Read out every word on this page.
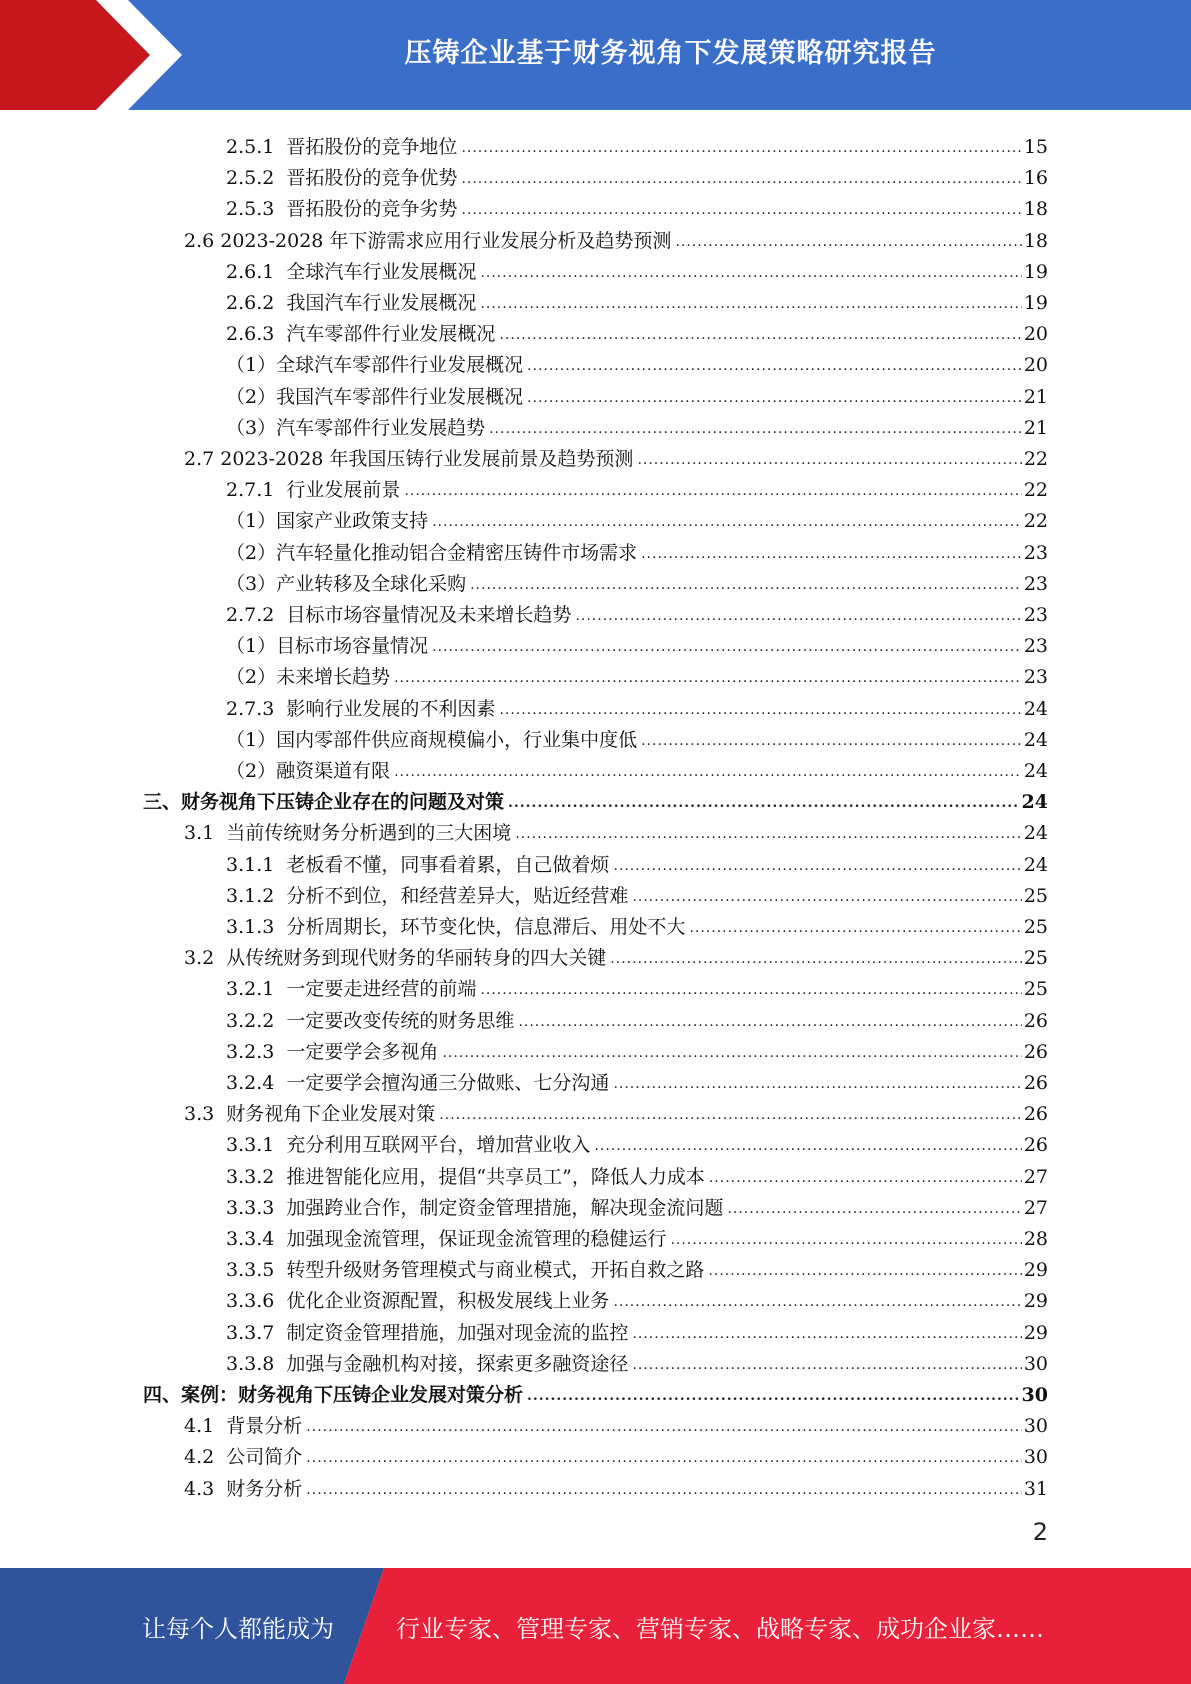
压铸企业基于财务视角下发展策略研究报告
2.5.1  晋拓股份的竞争地位 .....	15
2.5.2  晋拓股份的竞争优势 .....	16
2.5.3  晋拓股份的竞争劣势 .....	18
2.6 2023-2028 年下游需求应用行业发展分析及趋势预测 .....	18
2.6.1  全球汽车行业发展概况 .....	19
2.6.2  我国汽车行业发展概况 .....	19
2.6.3  汽车零部件行业发展概况 .....	20
（1）全球汽车零部件行业发展概况 .....	20
（2）我国汽车零部件行业发展概况 .....	21
（3）汽车零部件行业发展趋势 .....	21
2.7 2023-2028 年我国压铸行业发展前景及趋势预测 .....	22
2.7.1  行业发展前景 .....	22
（1）国家产业政策支持 .....	22
（2）汽车轻量化推动铝合金精密压铸件市场需求 .....	23
（3）产业转移及全球化采购 .....	23
2.7.2  目标市场容量情况及未来增长趋势 .....	23
（1）目标市场容量情况 .....	23
（2）未来增长趋势 .....	23
2.7.3  影响行业发展的不利因素 .....	24
（1）国内零部件供应商规模偏小，行业集中度低 .....	24
（2）融资渠道有限 .....	24
三、财务视角下压铸企业存在的问题及对策 .....	24
3.1  当前传统财务分析遇到的三大困境 .....	24
3.1.1  老板看不懂，同事看着累，自己做着烦 .....	24
3.1.2  分析不到位，和经营差异大，贴近经营难 .....	25
3.1.3  分析周期长，环节变化快，信息滞后、用处不大 .....	25
3.2  从传统财务到现代财务的华丽转身的四大关键 .....	25
3.2.1  一定要走进经营的前端 .....	25
3.2.2  一定要改变传统的财务思维 .....	26
3.2.3  一定要学会多视角 .....	26
3.2.4  一定要学会擅沟通三分做账、七分沟通 .....	26
3.3  财务视角下企业发展对策 .....	26
3.3.1  充分利用互联网平台，增加营业收入 .....	26
3.3.2  推进智能化应用，提倡“共享员工”，降低人力成本 .....	27
3.3.3  加强跨业合作，制定资金管理措施，解决现金流问题 .....	27
3.3.4  加强现金流管理，保证现金流管理的稳健运行 .....	28
3.3.5  转型升级财务管理模式与商业模式，开拓自救之路 .....	29
3.3.6  优化企业资源配置，积极发展线上业务 .....	29
3.3.7  制定资金管理措施，加强对现金流的监控 .....	29
3.3.8  加强与金融机构对接，探索更多融资途径 .....	30
四、案例：财务视角下压铸企业发展对策分析 .....	30
4.1  背景分析 .....	30
4.2  公司简介 .....	30
4.3  财务分析 .....	31
2
让每个人都能成为	行业专家、管理专家、营销专家、战略专家、成功企业家……
